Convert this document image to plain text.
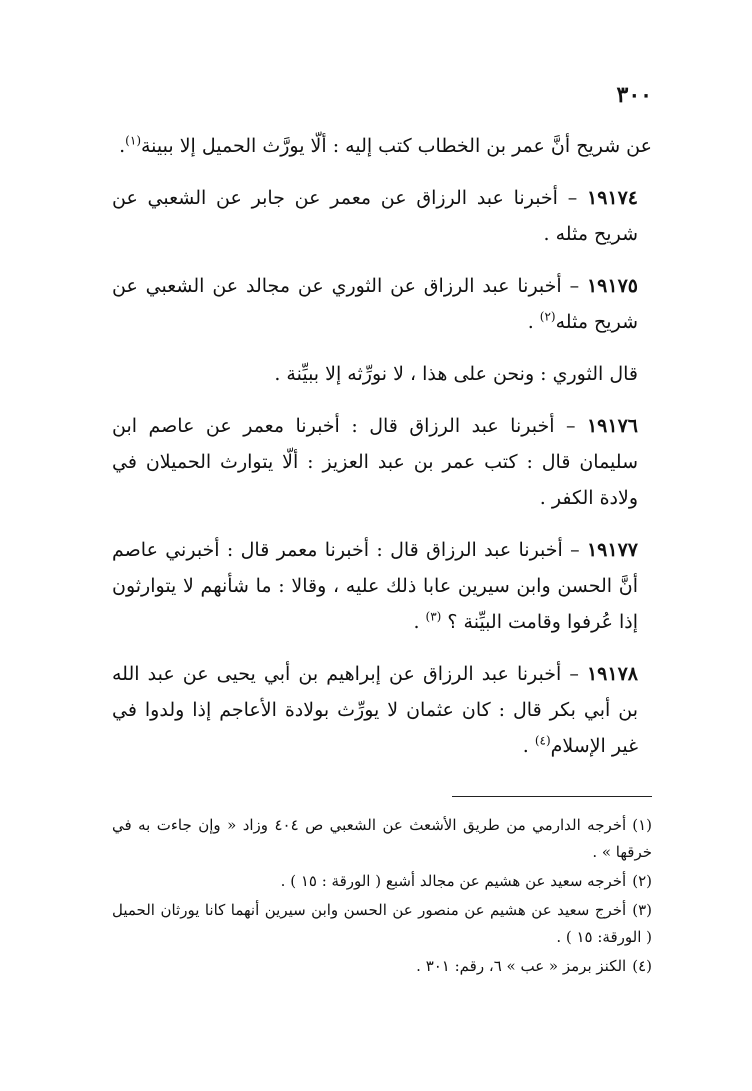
٣٠٠

عن شريح أنَّ عمر بن الخطاب كتب إليه : ألّا يورَّث الحميل إلا ببينة$^{(١)}$.

١٩١٧٤ – أخبرنا عبد الرزاق عن معمر عن جابر عن الشعبي عن شريح مثله .

١٩١٧٥ – أخبرنا عبد الرزاق عن الثوري عن مجالد عن الشعبي عن شريح مثله$^{(٢)}$ .

قال الثوري : ونحن على هذا ، لا نورِّثه إلا ببيِّنة .

١٩١٧٦ – أخبرنا عبد الرزاق قال : أخبرنا معمر عن عاصم ابن سليمان قال : كتب عمر بن عبد العزيز : ألّا يتوارث الحميلان في ولادة الكفر .

١٩١٧٧ – أخبرنا عبد الرزاق قال : أخبرنا معمر قال : أخبرني عاصم أنَّ الحسن وابن سيرين عابا ذلك عليه ، وقالا : ما شأنهم لا يتوارثون إذا عُرفوا وقامت البيِّنة ؟ $^{(٣)}$ .

١٩١٧٨ – أخبرنا عبد الرزاق عن إبراهيم بن أبي يحيى عن عبد الله بن أبي بكر قال : كان عثمان لا يورِّث بولادة الأعاجم إذا ولدوا في غير الإسلام$^{(٤)}$ .

(١)أخرجه الدارمي من طريق الأشعث عن الشعبي ص ٤٠٤ وزاد « وإن جاءت به في خرقها » .

(٢)أخرجه سعيد عن هشيم عن مجالد أشبع ( الورقة : ١٥ ) .

(٣)أخرج سعيد عن هشيم عن منصور عن الحسن وابن سيرين أنهما كانا يورثان الحميل ( الورقة: ١٥ ) .

(٤)الكنز برمز « عب » ٦، رقم: ٣٠١ .
